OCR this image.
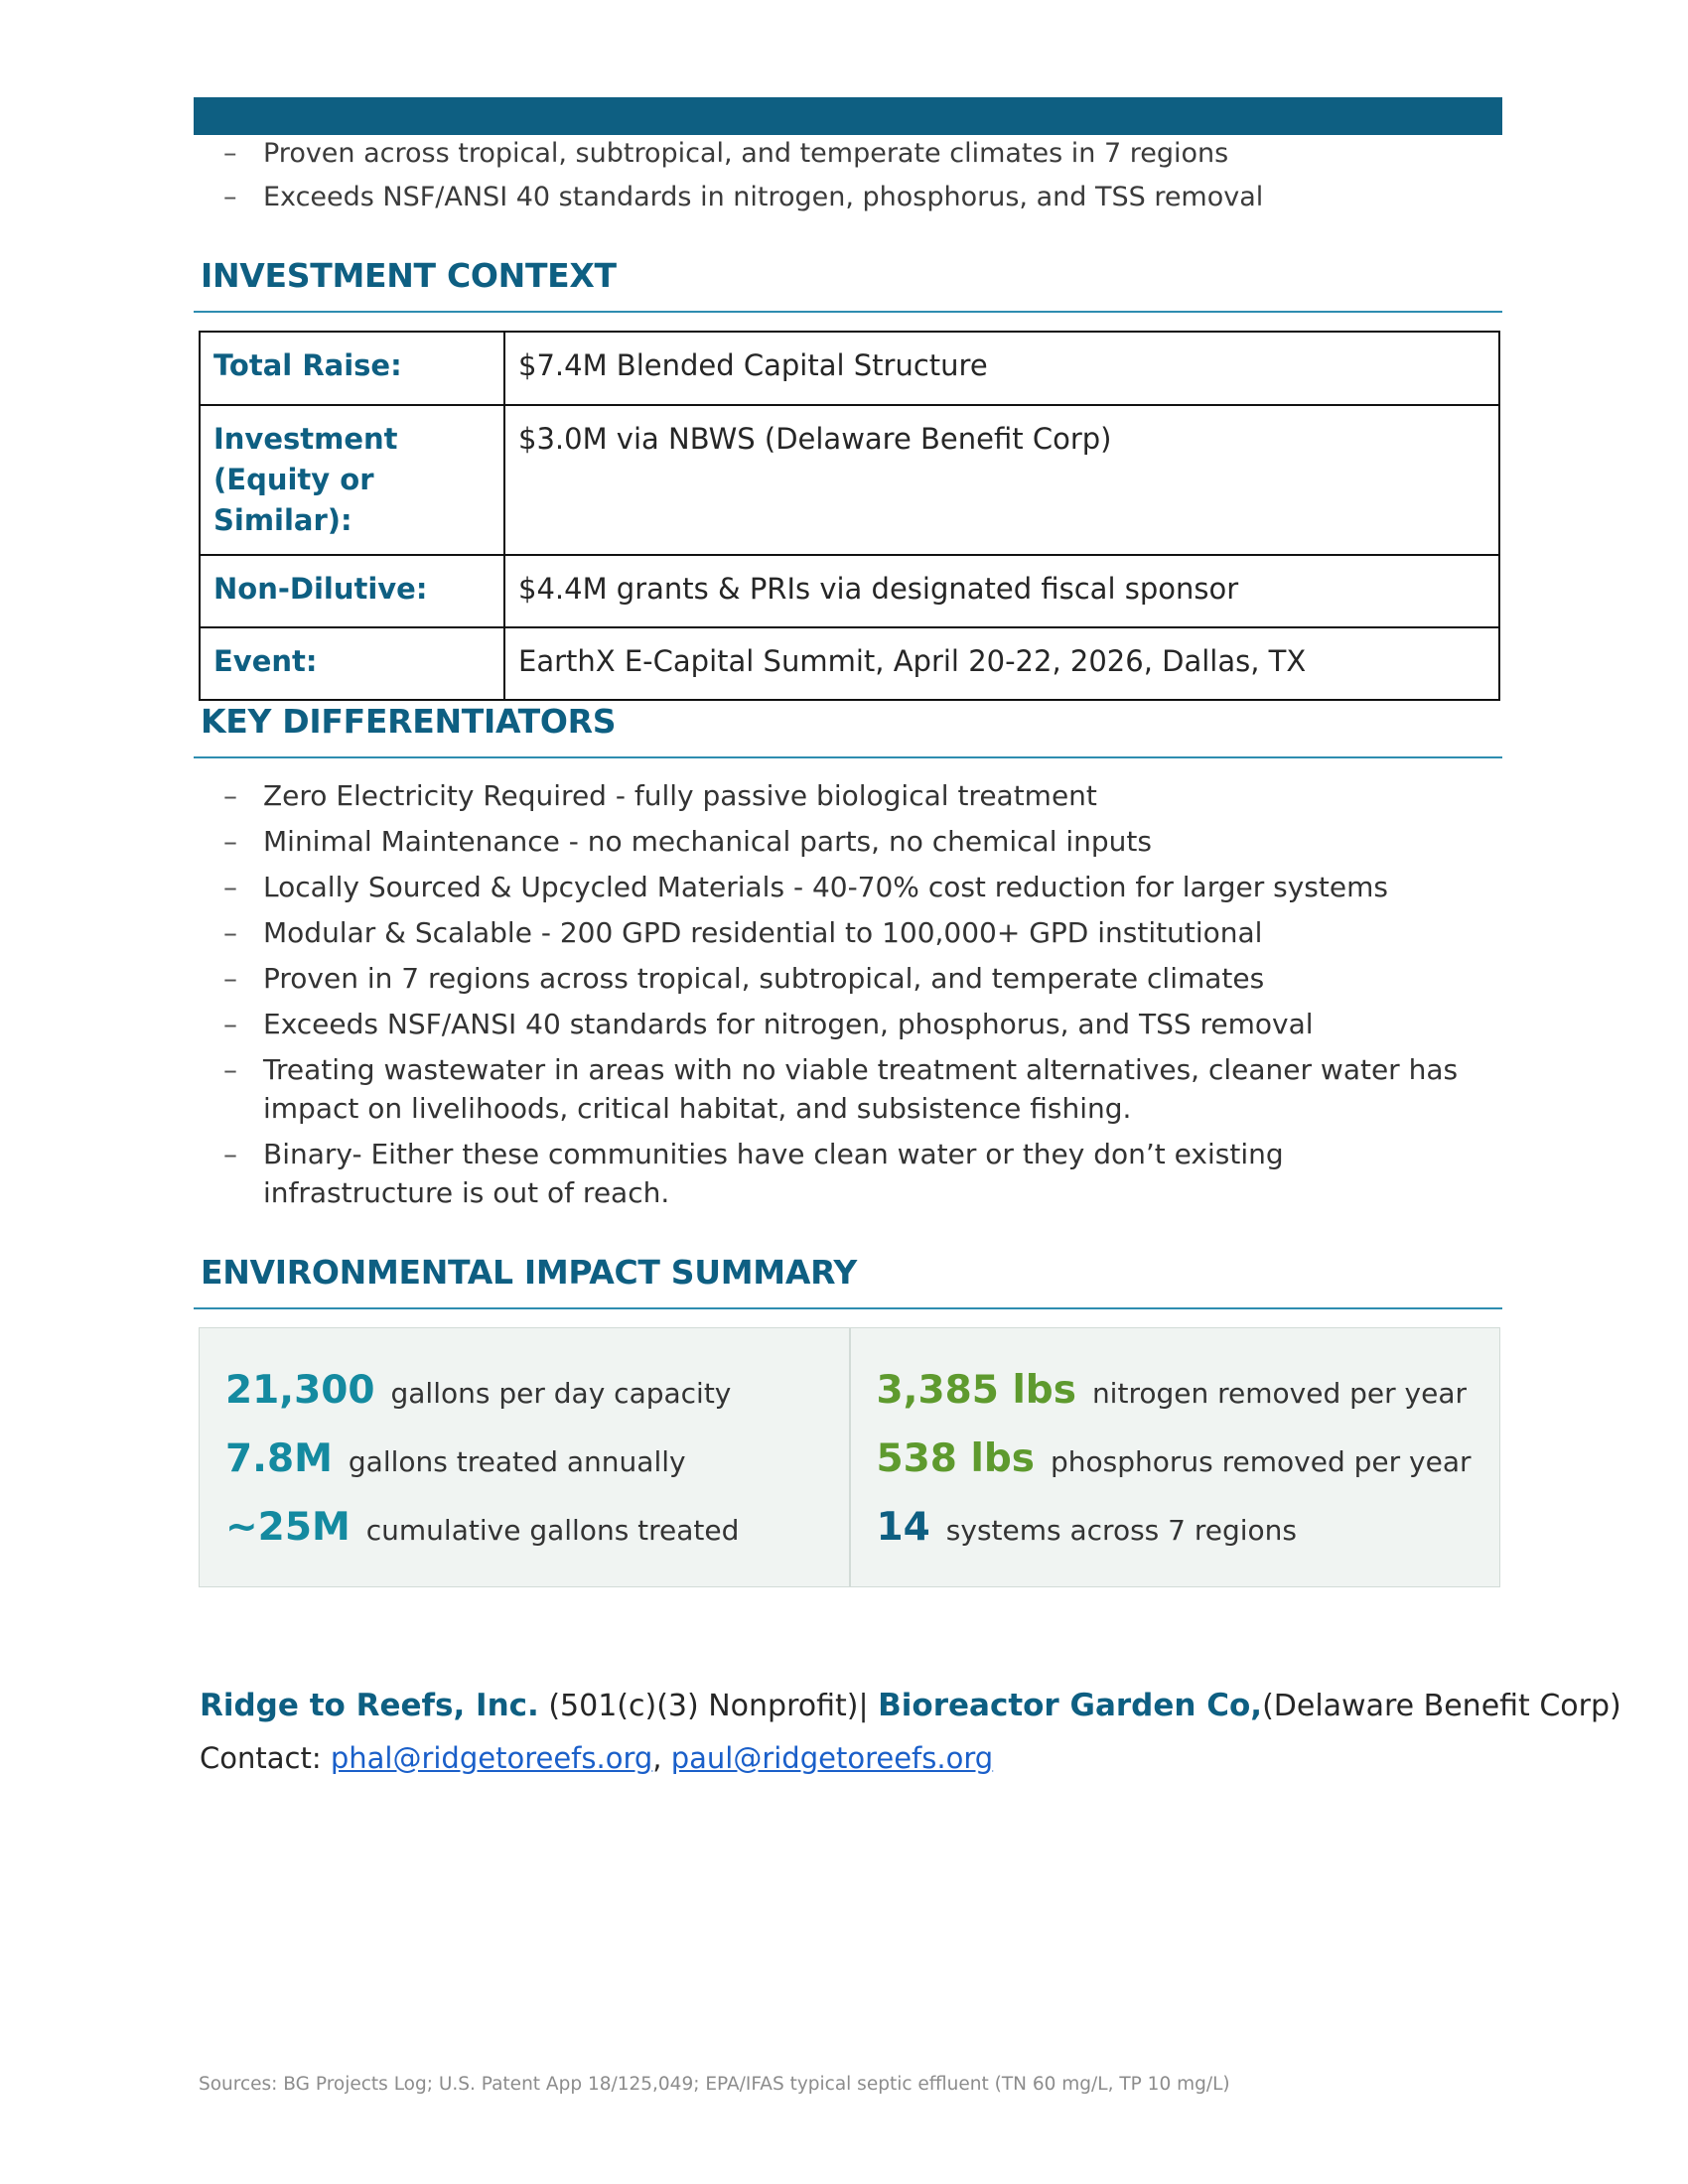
– Proven across tropical, subtropical, and temperate climates in 7 regions
– Exceeds NSF/ANSI 40 standards in nitrogen, phosphorus, and TSS removal
INVESTMENT CONTEXT
Total Raise:	$7.4M Blended Capital Structure
Investment (Equity or Similar):	$3.0M via NBWS (Delaware Benefit Corp)
Non-Dilutive:	$4.4M grants & PRIs via designated fiscal sponsor
Event:	EarthX E-Capital Summit, April 20-22, 2026, Dallas, TX
KEY DIFFERENTIATORS
– Zero Electricity Required - fully passive biological treatment
– Minimal Maintenance - no mechanical parts, no chemical inputs
– Locally Sourced & Upcycled Materials - 40-70% cost reduction for larger systems
– Modular & Scalable - 200 GPD residential to 100,000+ GPD institutional
– Proven in 7 regions across tropical, subtropical, and temperate climates
– Exceeds NSF/ANSI 40 standards for nitrogen, phosphorus, and TSS removal
– Treating wastewater in areas with no viable treatment alternatives, cleaner water has impact on livelihoods, critical habitat, and subsistence fishing.
– Binary- Either these communities have clean water or they don’t existing infrastructure is out of reach.
ENVIRONMENTAL IMPACT SUMMARY
21,300 gallons per day capacity
7.8M gallons treated annually
~25M cumulative gallons treated
3,385 lbs nitrogen removed per year
538 lbs phosphorus removed per year
14 systems across 7 regions
Ridge to Reefs, Inc. (501(c)(3) Nonprofit)| Bioreactor Garden Co,(Delaware Benefit Corp)
Contact: phal@ridgetoreefs.org, paul@ridgetoreefs.org
Sources: BG Projects Log; U.S. Patent App 18/125,049; EPA/IFAS typical septic effluent (TN 60 mg/L, TP 10 mg/L)
